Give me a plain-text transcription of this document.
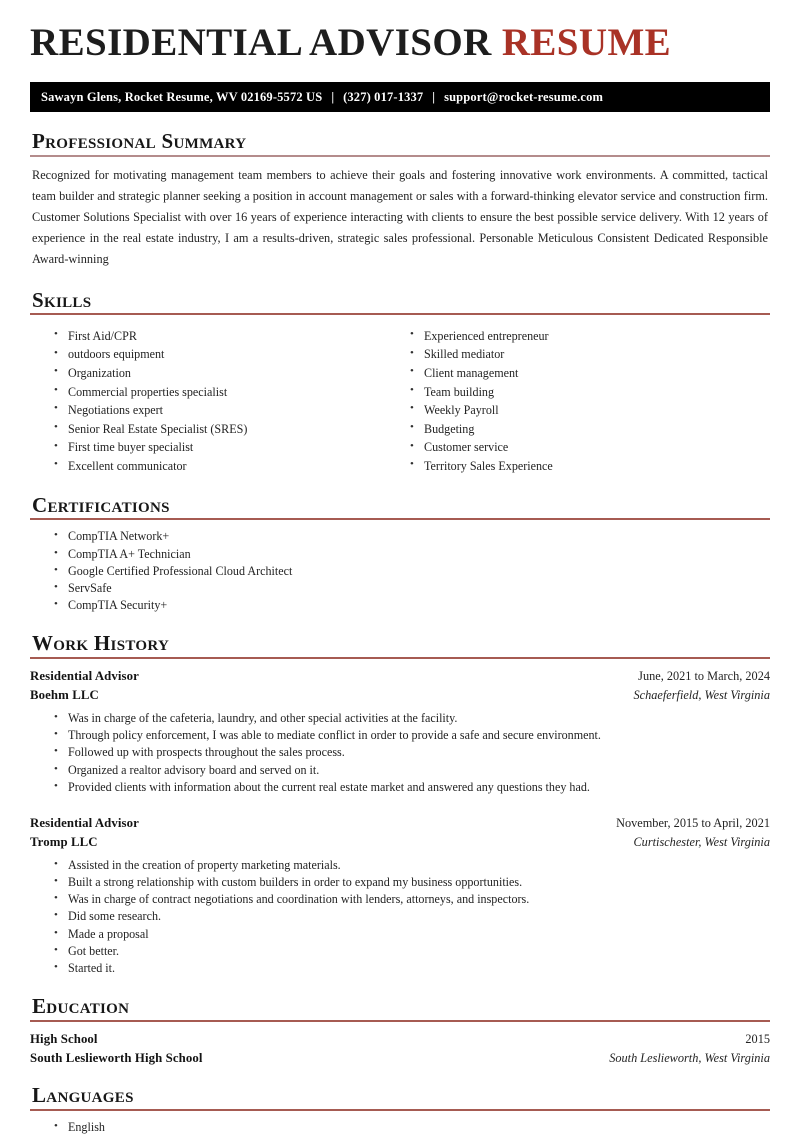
RESIDENTIAL ADVISOR RESUME
Sawayn Glens, Rocket Resume, WV 02169-5572 US | (327) 017-1337 | support@rocket-resume.com
Professional Summary

Recognized for motivating management team members to achieve their goals and fostering innovative work environments. A committed, tactical team builder and strategic planner seeking a position in account management or sales with a forward-thinking elevator service and construction firm. Customer Solutions Specialist with over 16 years of experience interacting with clients to ensure the best possible service delivery. With 12 years of experience in the real estate industry, I am a results-driven, strategic sales professional. Personable Meticulous Consistent Dedicated Responsible Award-winning

Skills
• First Aid/CPR
• outdoors equipment
• Organization
• Commercial properties specialist
• Negotiations expert
• Senior Real Estate Specialist (SRES)
• First time buyer specialist
• Excellent communicator
• Experienced entrepreneur
• Skilled mediator
• Client management
• Team building
• Weekly Payroll
• Budgeting
• Customer service
• Territory Sales Experience
Certifications
• CompTIA Network+
• CompTIA A+ Technician
• Google Certified Professional Cloud Architect
• ServSafe
• CompTIA Security+
Work History
Residential Advisor	June, 2021 to March, 2024
Boehm LLC	Schaeferfield, West Virginia
• Was in charge of the cafeteria, laundry, and other special activities at the facility.
• Through policy enforcement, I was able to mediate conflict in order to provide a safe and secure environment.
• Followed up with prospects throughout the sales process.
• Organized a realtor advisory board and served on it.
• Provided clients with information about the current real estate market and answered any questions they had.
Residential Advisor	November, 2015 to April, 2021
Tromp LLC	Curtischester, West Virginia
• Assisted in the creation of property marketing materials.
• Built a strong relationship with custom builders in order to expand my business opportunities.
• Was in charge of contract negotiations and coordination with lenders, attorneys, and inspectors.
• Did some research.
• Made a proposal
• Got better.
• Started it.
Education
High School	2015
South Leslieworth High School	South Leslieworth, West Virginia
Languages
• English
